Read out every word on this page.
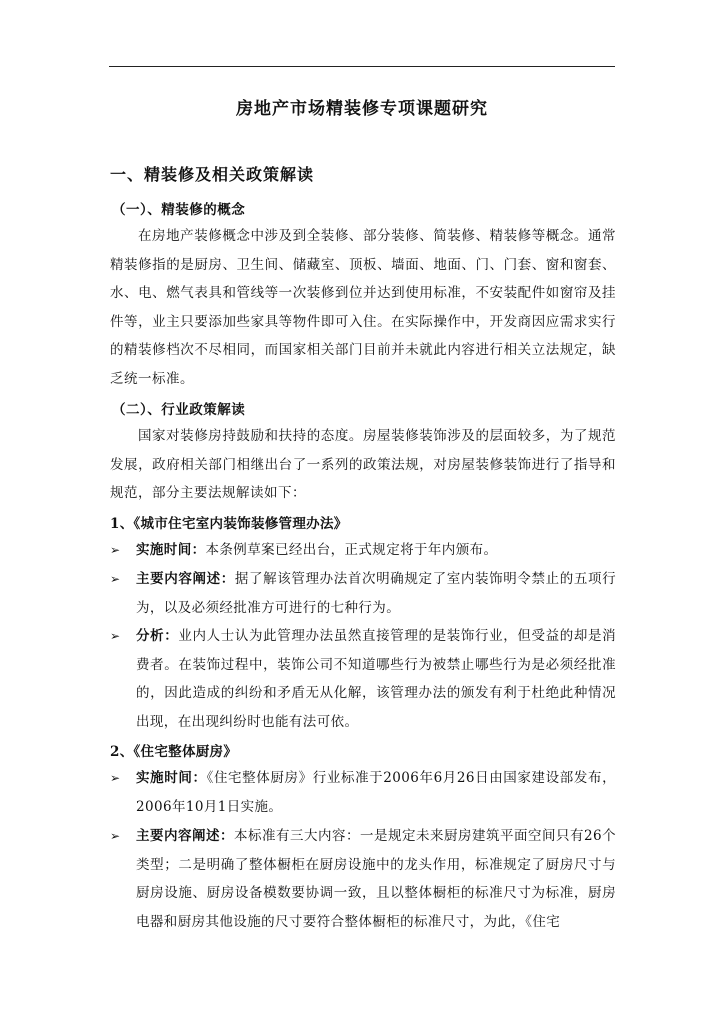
房地产市场精装修专项课题研究
一、精装修及相关政策解读
（一）、精装修的概念
在房地产装修概念中涉及到全装修、部分装修、简装修、精装修等概念。通常精装修指的是厨房、卫生间、储藏室、顶板、墙面、地面、门、门套、窗和窗套、水、电、燃气表具和管线等一次装修到位并达到使用标准，不安装配件如窗帘及挂件等，业主只要添加些家具等物件即可入住。在实际操作中，开发商因应需求实行的精装修档次不尽相同，而国家相关部门目前并未就此内容进行相关立法规定，缺乏统一标准。
（二）、行业政策解读
国家对装修房持鼓励和扶持的态度。房屋装修装饰涉及的层面较多，为了规范发展，政府相关部门相继出台了一系列的政策法规，对房屋装修装饰进行了指导和规范，部分主要法规解读如下：
1、《城市住宅室内装饰装修管理办法》
➢ 实施时间：本条例草案已经出台，正式规定将于年内颁布。
➢ 主要内容阐述：据了解该管理办法首次明确规定了室内装饰明令禁止的五项行为，以及必须经批准方可进行的七种行为。
➢ 分析：业内人士认为此管理办法虽然直接管理的是装饰行业，但受益的却是消费者。在装饰过程中，装饰公司不知道哪些行为被禁止哪些行为是必须经批准的，因此造成的纠纷和矛盾无从化解，该管理办法的颁发有利于杜绝此种情况出现，在出现纠纷时也能有法可依。
2、《住宅整体厨房》
➢ 实施时间：《住宅整体厨房》行业标准于2006年6月26日由国家建设部发布，2006年10月1日实施。
➢ 主要内容阐述：本标准有三大内容：一是规定未来厨房建筑平面空间只有26个类型；二是明确了整体橱柜在厨房设施中的龙头作用，标准规定了厨房尺寸与厨房设施、厨房设备模数要协调一致，且以整体橱柜的标准尺寸为标准，厨房电器和厨房其他设施的尺寸要符合整体橱柜的标准尺寸，为此，《住宅
